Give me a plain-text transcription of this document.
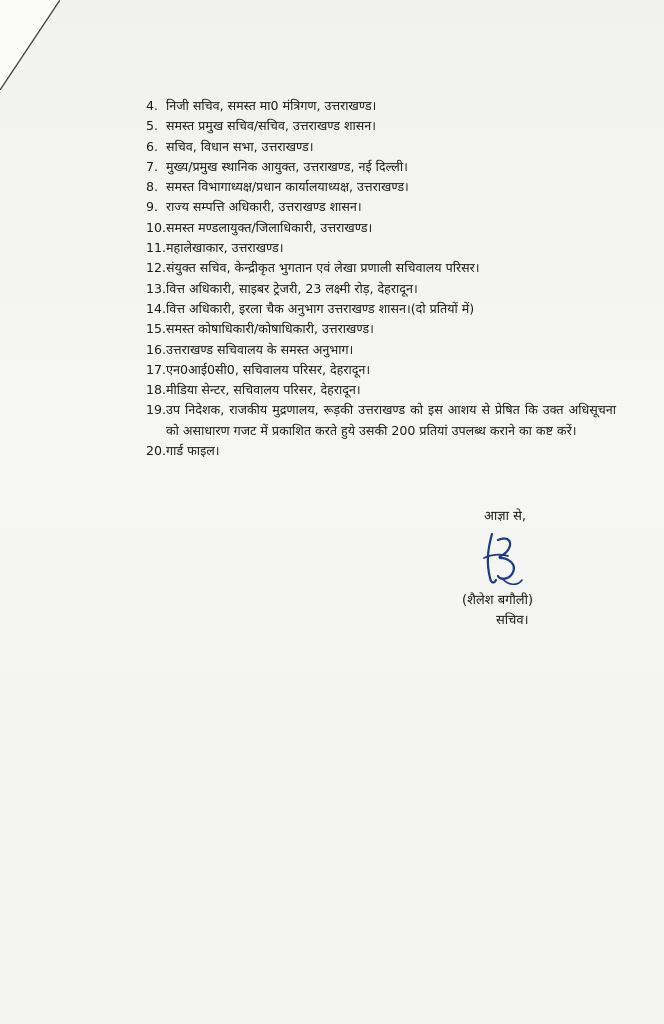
4. निजी सचिव, समस्त मा0 मंत्रिगण, उत्तराखण्ड।
5. समस्त प्रमुख सचिव/सचिव, उत्तराखण्ड शासन।
6. सचिव, विधान सभा, उत्तराखण्ड।
7. मुख्य/प्रमुख स्थानिक आयुक्त, उत्तराखण्ड, नई दिल्ली।
8. समस्त विभागाध्यक्ष/प्रधान कार्यालयाध्यक्ष, उत्तराखण्ड।
9. राज्य सम्पत्ति अधिकारी, उत्तराखण्ड शासन।
10. समस्त मण्डलायुक्त/जिलाधिकारी, उत्तराखण्ड।
11. महालेखाकार, उत्तराखण्ड।
12. संयुक्त सचिव, केन्द्रीकृत भुगतान एवं लेखा प्रणाली सचिवालय परिसर।
13. वित्त अधिकारी, साइबर ट्रेजरी, 23 लक्ष्मी रोड़, देहरादून।
14. वित्त अधिकारी, इरला चैक अनुभाग उत्तराखण्ड शासन।(दो प्रतियों में)
15. समस्त कोषाधिकारी/कोषाधिकारी, उत्तराखण्ड।
16. उत्तराखण्ड सचिवालय के समस्त अनुभाग।
17. एन0आई0सी0, सचिवालय परिसर, देहरादून।
18. मीडिया सेन्टर, सचिवालय परिसर, देहरादून।
19. उप निदेशक, राजकीय मुद्रणालय, रूड़की उत्तराखण्ड को इस आशय से प्रेषित कि उक्त अधिसूचना को असाधारण गजट में प्रकाशित करते हुये उसकी 200 प्रतियां उपलब्ध कराने का कष्ट करें।
20. गार्ड फाइल।
आज्ञा से,
(शैलेश बगौली)
सचिव।
